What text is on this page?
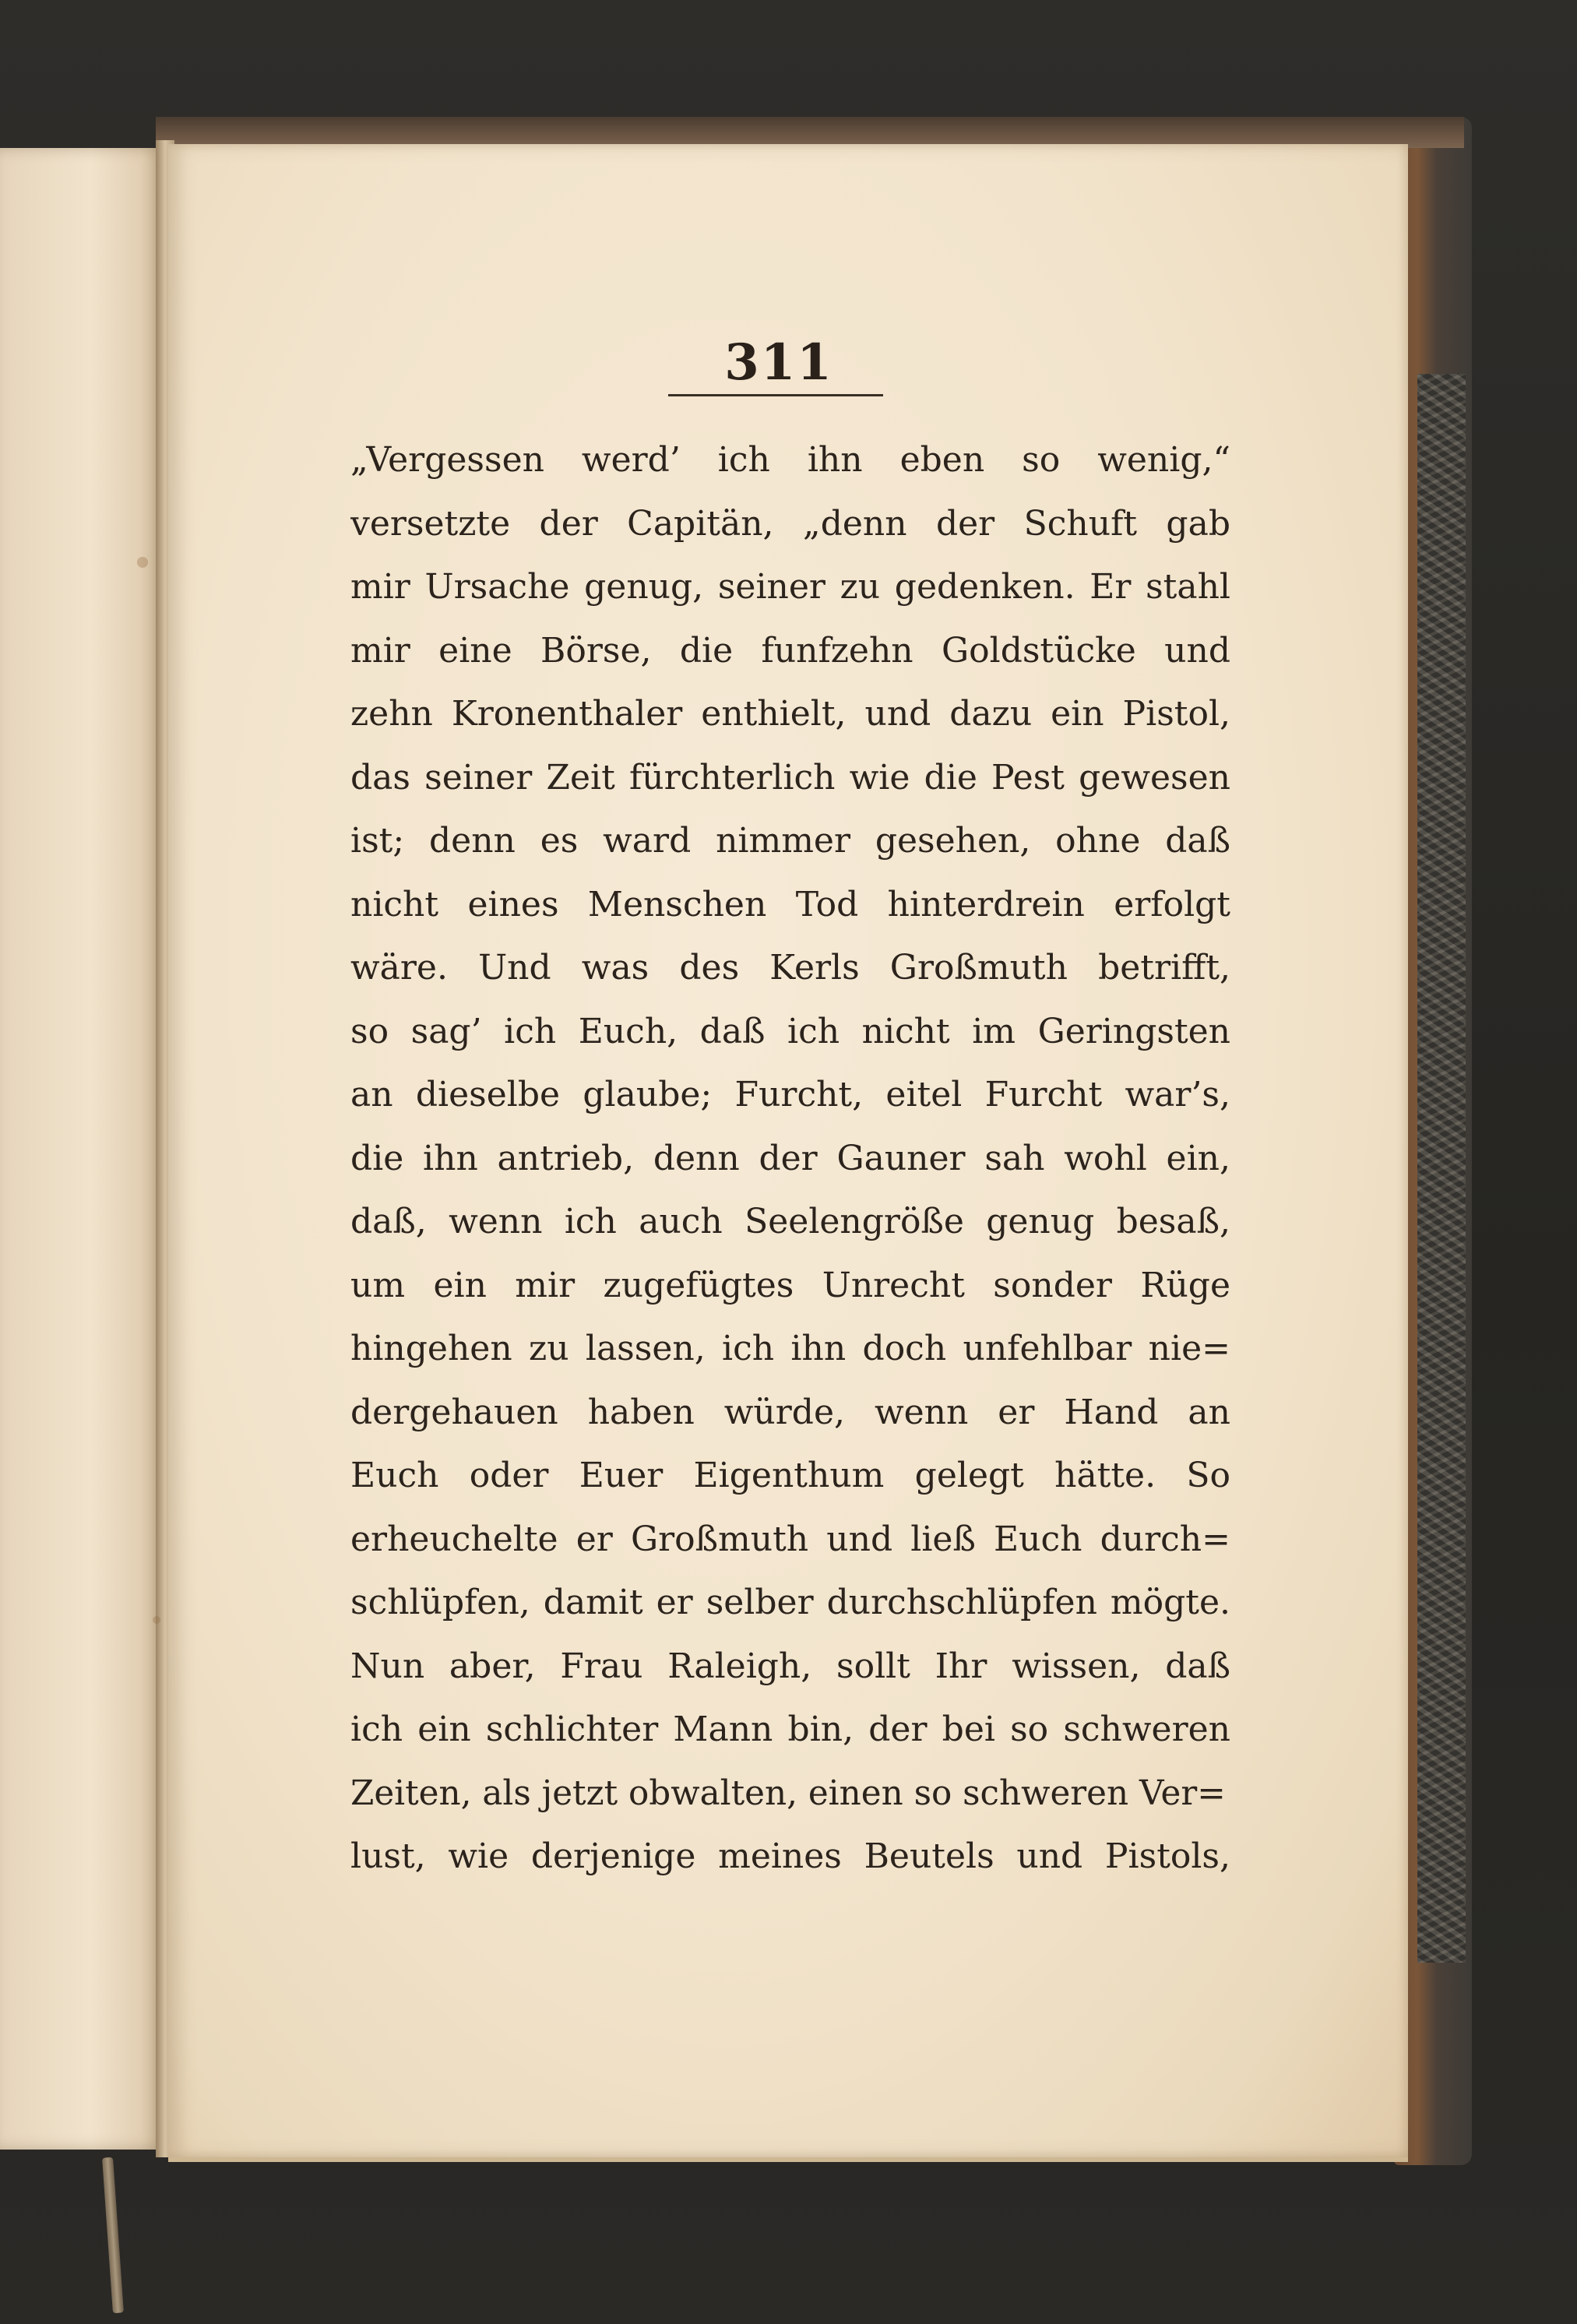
311
„Vergessen werd’ ich ihn eben so wenig,“
versetzte der Capitän, „denn der Schuft gab
mir Ursache genug, seiner zu gedenken. Er stahl
mir eine Börse, die funfzehn Goldstücke und
zehn Kronenthaler enthielt, und dazu ein Pistol,
das seiner Zeit fürchterlich wie die Pest gewesen
ist; denn es ward nimmer gesehen, ohne daß
nicht eines Menschen Tod hinterdrein erfolgt
wäre. Und was des Kerls Großmuth betrifft,
so sag’ ich Euch, daß ich nicht im Geringsten
an dieselbe glaube; Furcht, eitel Furcht war’s,
die ihn antrieb, denn der Gauner sah wohl ein,
daß, wenn ich auch Seelengröße genug besaß,
um ein mir zugefügtes Unrecht sonder Rüge
hingehen zu lassen, ich ihn doch unfehlbar nie=
dergehauen haben würde, wenn er Hand an
Euch oder Euer Eigenthum gelegt hätte. So
erheuchelte er Großmuth und ließ Euch durch=
schlüpfen, damit er selber durchschlüpfen mögte.
Nun aber, Frau Raleigh, sollt Ihr wissen, daß
ich ein schlichter Mann bin, der bei so schweren
Zeiten, als jetzt obwalten, einen so schweren Ver=
lust, wie derjenige meines Beutels und Pistols,
